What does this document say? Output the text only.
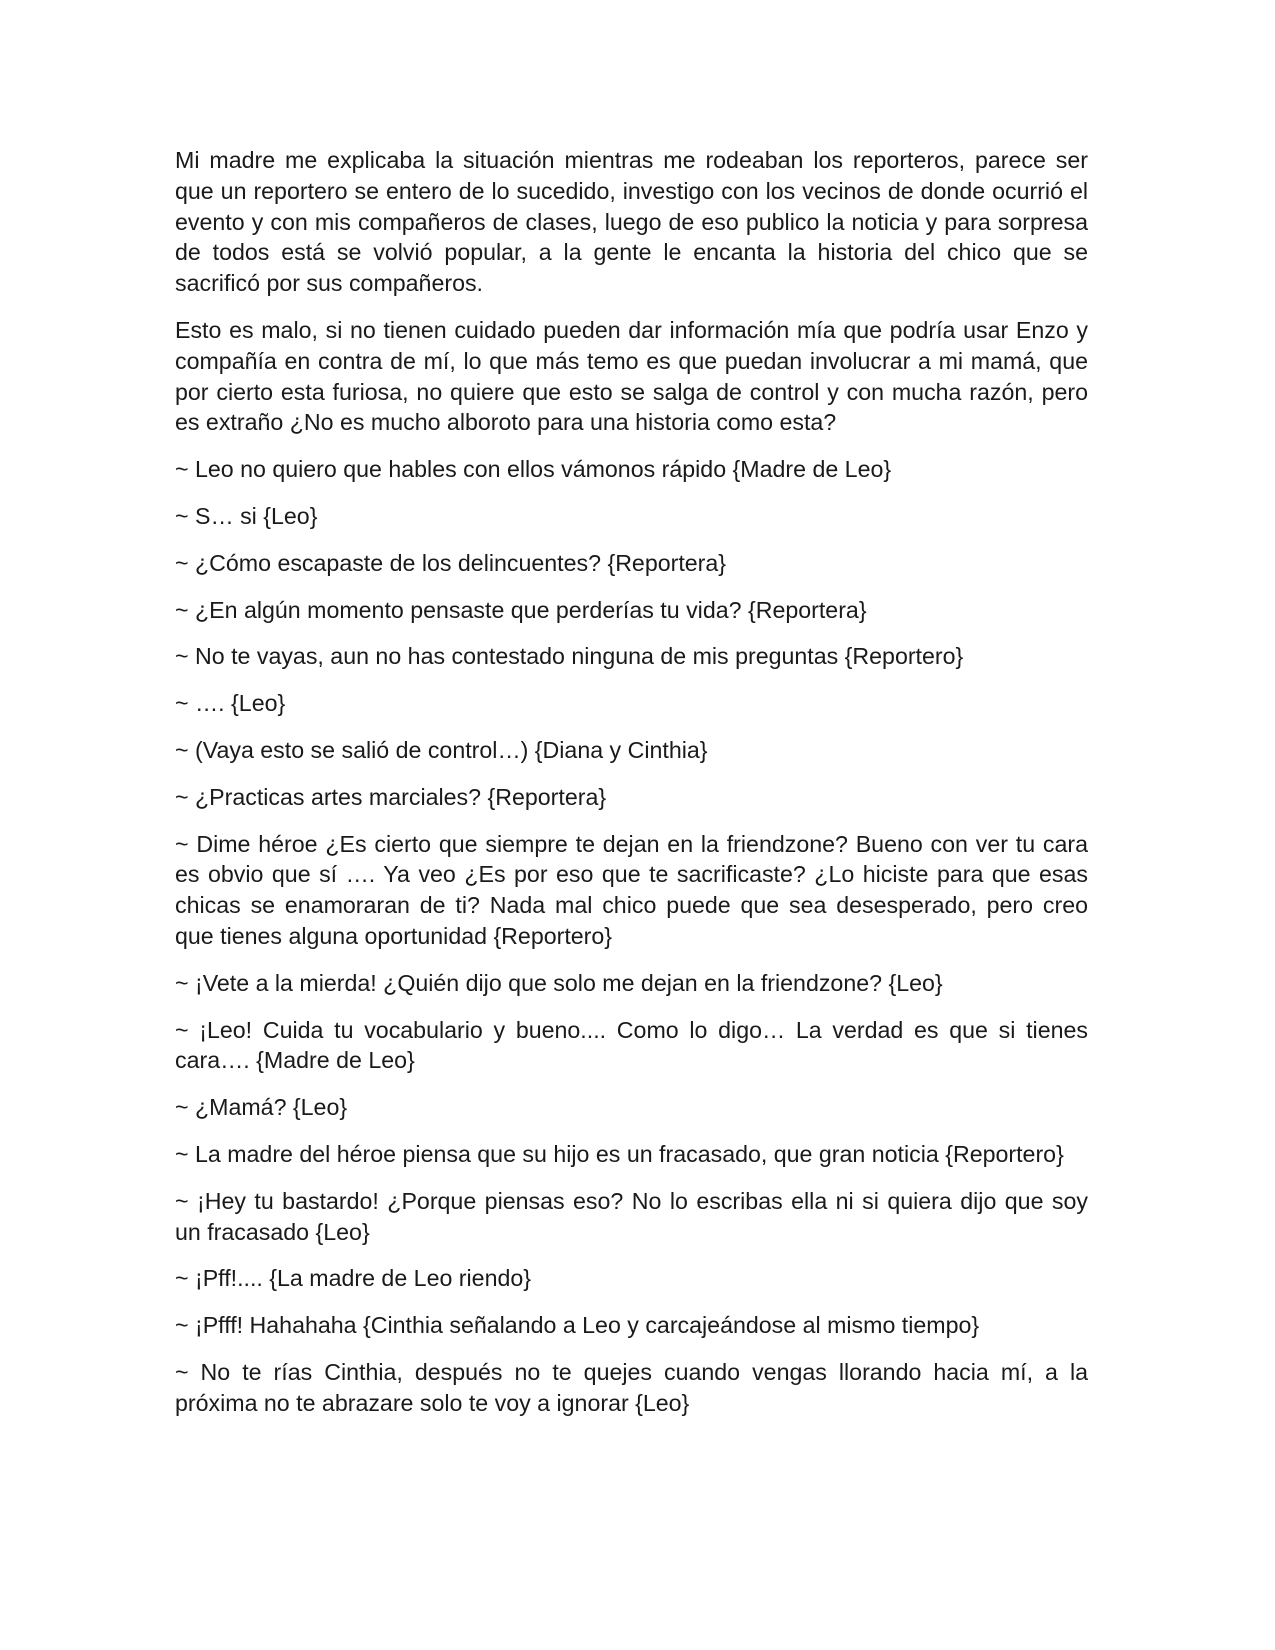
Mi madre me explicaba la situación mientras me rodeaban los reporteros, parece ser que un reportero se entero de lo sucedido, investigo con los vecinos de donde ocurrió el evento y con mis compañeros de clases, luego de eso publico la noticia y para sorpresa de todos está se volvió popular, a la gente le encanta la historia del chico que se sacrificó por sus compañeros.

Esto es malo, si no tienen cuidado pueden dar información mía que podría usar Enzo y compañía en contra de mí, lo que más temo es que puedan involucrar a mi mamá, que por cierto esta furiosa, no quiere que esto se salga de control y con mucha razón, pero es extraño ¿No es mucho alboroto para una historia como esta?

~ Leo no quiero que hables con ellos vámonos rápido {Madre de Leo}

~ S… si {Leo}

~ ¿Cómo escapaste de los delincuentes? {Reportera}

~ ¿En algún momento pensaste que perderías tu vida? {Reportera}

~ No te vayas, aun no has contestado ninguna de mis preguntas {Reportero}

~ …. {Leo}

~ (Vaya esto se salió de control…) {Diana y Cinthia}

~ ¿Practicas artes marciales? {Reportera}

~ Dime héroe ¿Es cierto que siempre te dejan en la friendzone? Bueno con ver tu cara es obvio que sí …. Ya veo ¿Es por eso que te sacrificaste? ¿Lo hiciste para que esas chicas se enamoraran de ti? Nada mal chico puede que sea desesperado, pero creo que tienes alguna oportunidad {Reportero}

~ ¡Vete a la mierda! ¿Quién dijo que solo me dejan en la friendzone? {Leo}

~ ¡Leo! Cuida tu vocabulario y bueno.... Como lo digo… La verdad es que si tienes cara…. {Madre de Leo}

~ ¿Mamá? {Leo}

~ La madre del héroe piensa que su hijo es un fracasado, que gran noticia {Reportero}

~ ¡Hey tu bastardo! ¿Porque piensas eso? No lo escribas ella ni si quiera dijo que soy un fracasado {Leo}

~ ¡Pff!.... {La madre de Leo riendo}

~ ¡Pfff! Hahahaha {Cinthia señalando a Leo y carcajeándose al mismo tiempo}

~ No te rías Cinthia, después no te quejes cuando vengas llorando hacia mí, a la próxima no te abrazare solo te voy a ignorar {Leo}
